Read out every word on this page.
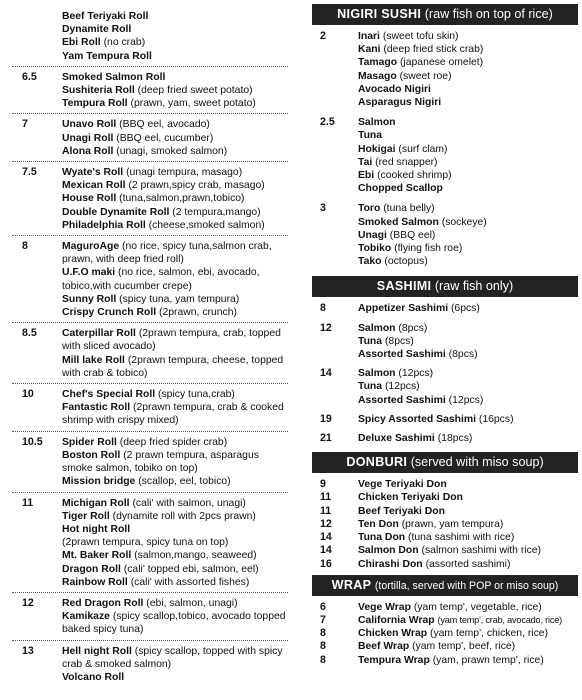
Beef Teriyaki Roll
Dynamite Roll
Ebi Roll (no crab)
Yam Tempura Roll
6.5	Smoked Salmon Roll
Sushiteria Roll (deep fried sweet potato)
Tempura Roll (prawn, yam, sweet potato)
7	Unavo Roll (BBQ eel, avocado)
Unagi Roll (BBQ eel, cucumber)
Alona Roll (unagi, smoked salmon)
7.5	Wyate's Roll (unagi tempura, masago)
Mexican Roll (2 prawn,spicy crab, masago)
House Roll (tuna,salmon,prawn,tobico)
Double Dynamite Roll (2 tempura,mango)
Philadelphia Roll (cheese,smoked salmon)
8	MaguroAge (no rice, spicy tuna,salmon crab, prawn, with deep fried roll)
U.F.O maki (no rice, salmon, ebi, avocado, tobico,with cucumber crepe)
Sunny Roll (spicy tuna, yam tempura)
Crispy Crunch Roll (2prawn, crunch)
8.5	Caterpillar Roll (2prawn tempura, crab, topped with sliced avocado)
Mill lake Roll (2prawn tempura, cheese, topped with crab & tobico)
10	Chef's Special Roll (spicy tuna,crab)
Fantastic Roll (2prawn tempura, crab & cooked shrimp with crispy mixed)
10.5	Spider Roll (deep fried spider crab)
Boston Roll (2 prawn tempura, asparagus smoke salmon, tobiko on top)
Mission bridge (scallop, eel, tobico)
11	Michigan Roll (cali' with salmon, unagi)
Tiger Roll (dynamite roll with 2pcs prawn)
Hot night Roll
(2prawn tempura, spicy tuna on top)
Mt. Baker Roll (salmon,mango, seaweed)
Dragon Roll (cali' topped ebi, salmon, eel)
Rainbow Roll (cali' with assorted fishes)
12	Red Dragon Roll (ebi, salmon, unagi)
Kamikaze (spicy scallop,tobico, avocado topped baked spicy tuna)
13	Hell night Roll (spicy scallop, topped with spicy crab & smoked salmon)
Volcano Roll
NIGIRI SUSHI (raw fish on top of rice)
2	Inari (sweet tofu skin)
Kani (deep fried stick crab)
Tamago (japanese omelet)
Masago (sweet roe)
Avocado Nigiri
Asparagus Nigiri
2.5	Salmon
Tuna
Hokigai (surf clam)
Tai (red snapper)
Ebi (cooked shrimp)
Chopped Scallop
3	Toro (tuna belly)
Smoked Salmon (sockeye)
Unagi (BBQ eel)
Tobiko (flying fish roe)
Tako (octopus)
SASHIMI (raw fish only)
8	Appetizer Sashimi (6pcs)
12	Salmon (8pcs)
Tuna (8pcs)
Assorted Sashimi (8pcs)
14	Salmon (12pcs)
Tuna (12pcs)
Assorted Sashimi (12pcs)
19	Spicy Assorted Sashimi (16pcs)
21	Deluxe Sashimi (18pcs)
DONBURI (served with miso soup)
9	Vege Teriyaki Don
11	Chicken Teriyaki Don
11	Beef Teriyaki Don
12	Ten Don (prawn, yam tempura)
14	Tuna Don (tuna sashimi with rice)
14	Salmon Don (salmon sashimi with rice)
16	Chirashi Don (assorted sashimi)
WRAP (tortilla, served with POP or miso soup)
6	Vege Wrap (yam temp', vegetable, rice)
7	California Wrap (yam temp', crab, avocado, rice)
8	Chicken Wrap (yam temp', chicken, rice)
8	Beef Wrap (yam temp', beef, rice)
8	Tempura Wrap (yam, prawn temp', rice)
